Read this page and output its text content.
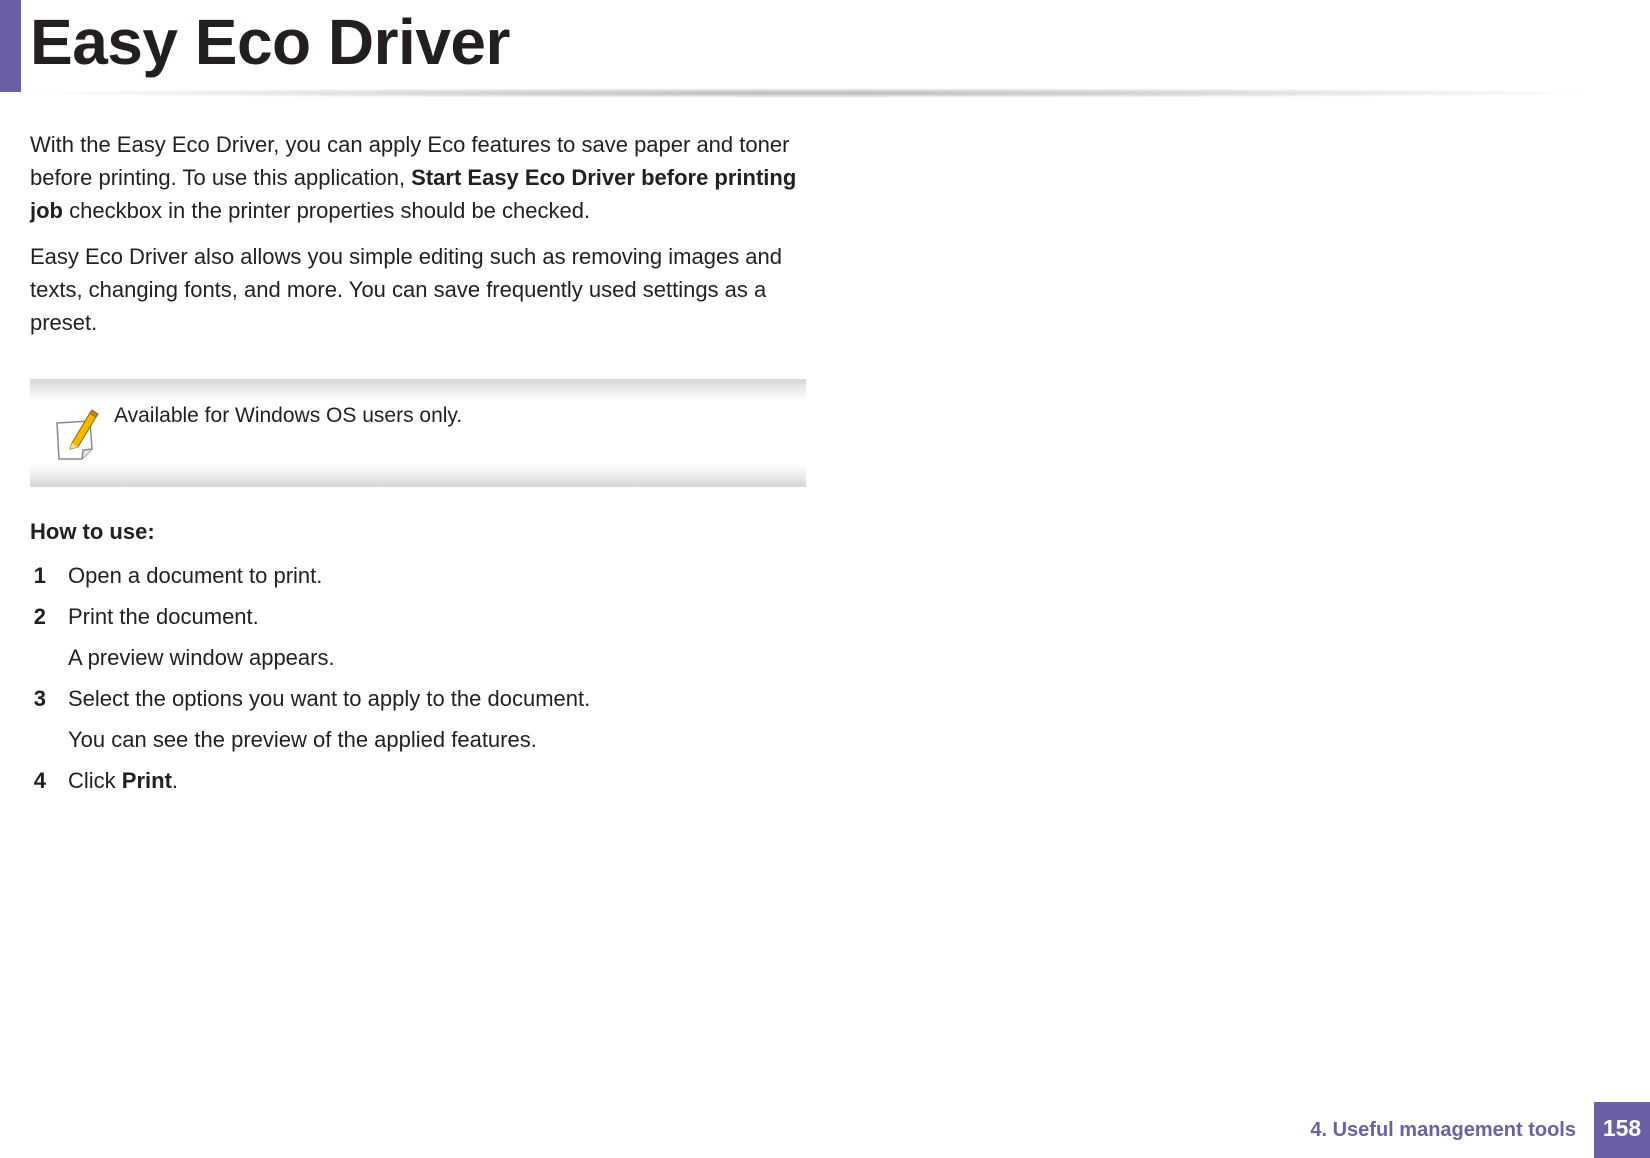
Easy Eco Driver

With the Easy Eco Driver, you can apply Eco features to save paper and toner before printing. To use this application, Start Easy Eco Driver before printing job checkbox in the printer properties should be checked.

Easy Eco Driver also allows you simple editing such as removing images and texts, changing fonts, and more. You can save frequently used settings as a preset.

Available for Windows OS users only.
How to use:
1 Open a document to print.
2 Print the document.
A preview window appears.
3 Select the options you want to apply to the document.
You can see the preview of the applied features.
4 Click Print.
4. Useful management tools	158
